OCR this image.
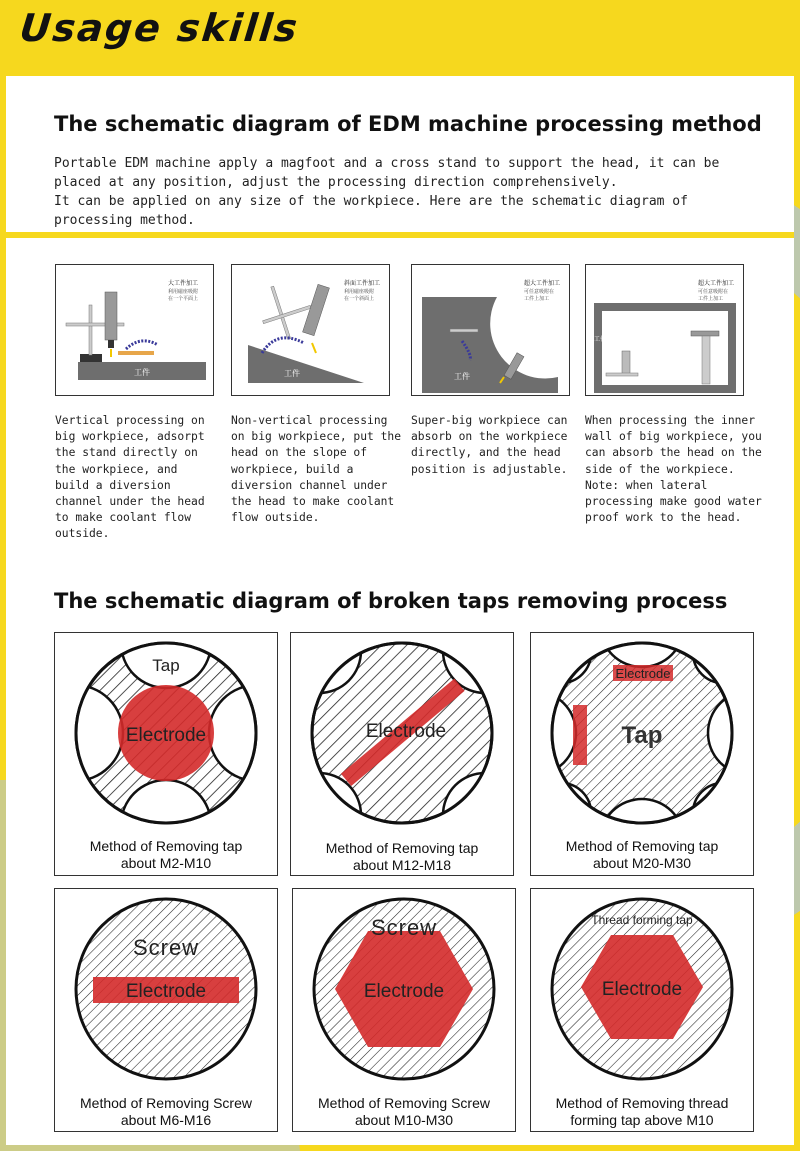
Usage skills
The schematic diagram of EDM machine processing method
Portable EDM machine apply a magfoot and a cross stand to support the head, it can be
placed at any position, adjust the processing direction comprehensively.
It can be applied on any size of the workpiece. Here are the schematic diagram of
processing method.
大工件加工
利用磁座吸附
在一个平面上
工件
Vertical processing on
big workpiece, adsorpt
the stand directly on
the workpiece, and
build a diversion
channel under the head
to make coolant flow
outside.
斜面工件加工
利用磁座吸附
在一个斜面上
工件
Non-vertical processing
on big workpiece, put the
head on the slope of
workpiece, build a
diversion channel under
the head to make coolant
flow outside.
超大工件加工
可任意吸附在
工件上加工
工件
Super-big workpiece can
absorb on the workpiece
directly, and the head
position is adjustable.
超大工件加工
可任意吸附在
工件上加工
工件
When processing the inner
wall of big workpiece, you
can absorb the head on the
side of the workpiece.
Note: when lateral
processing make good water
proof work to the head.
The schematic diagram of broken taps removing process
Tap
Electrode
Method of Removing tap
about M2-M10
Electrode
Method of Removing tap
about M12-M18
Electrode
Tap
Method of Removing tap
about M20-M30
Screw
Electrode
Method of Removing Screw
about M6-M16
Screw
Electrode
Method of Removing Screw
about M10-M30
Thread forming tap
Electrode
Method of Removing thread
forming tap above M10
